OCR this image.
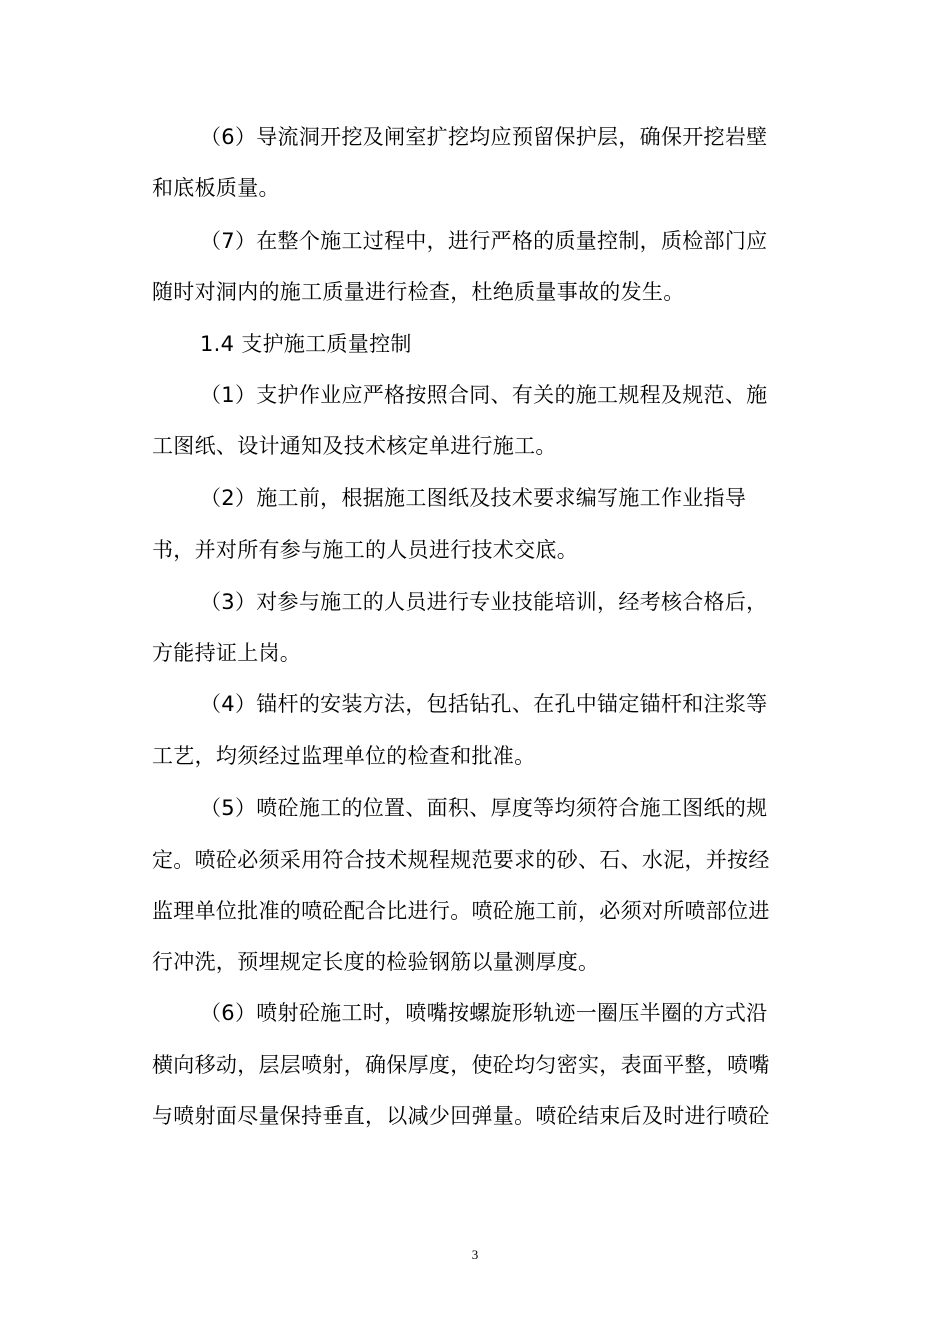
（6）导流洞开挖及闸室扩挖均应预留保护层，确保开挖岩壁
和底板质量。
（7）在整个施工过程中，进行严格的质量控制，质检部门应
随时对洞内的施工质量进行检查，杜绝质量事故的发生。
1.4 支护施工质量控制
（1）支护作业应严格按照合同、有关的施工规程及规范、施
工图纸、设计通知及技术核定单进行施工。
（2）施工前，根据施工图纸及技术要求编写施工作业指导
书，并对所有参与施工的人员进行技术交底。
（3）对参与施工的人员进行专业技能培训，经考核合格后，
方能持证上岗。
（4）锚杆的安装方法，包括钻孔、在孔中锚定锚杆和注浆等
工艺，均须经过监理单位的检查和批准。
（5）喷砼施工的位置、面积、厚度等均须符合施工图纸的规
定。喷砼必须采用符合技术规程规范要求的砂、石、水泥，并按经
监理单位批准的喷砼配合比进行。喷砼施工前，必须对所喷部位进
行冲洗，预埋规定长度的检验钢筋以量测厚度。
（6）喷射砼施工时，喷嘴按螺旋形轨迹一圈压半圈的方式沿
横向移动，层层喷射，确保厚度，使砼均匀密实，表面平整，喷嘴
与喷射面尽量保持垂直，以减少回弹量。喷砼结束后及时进行喷砼
3
